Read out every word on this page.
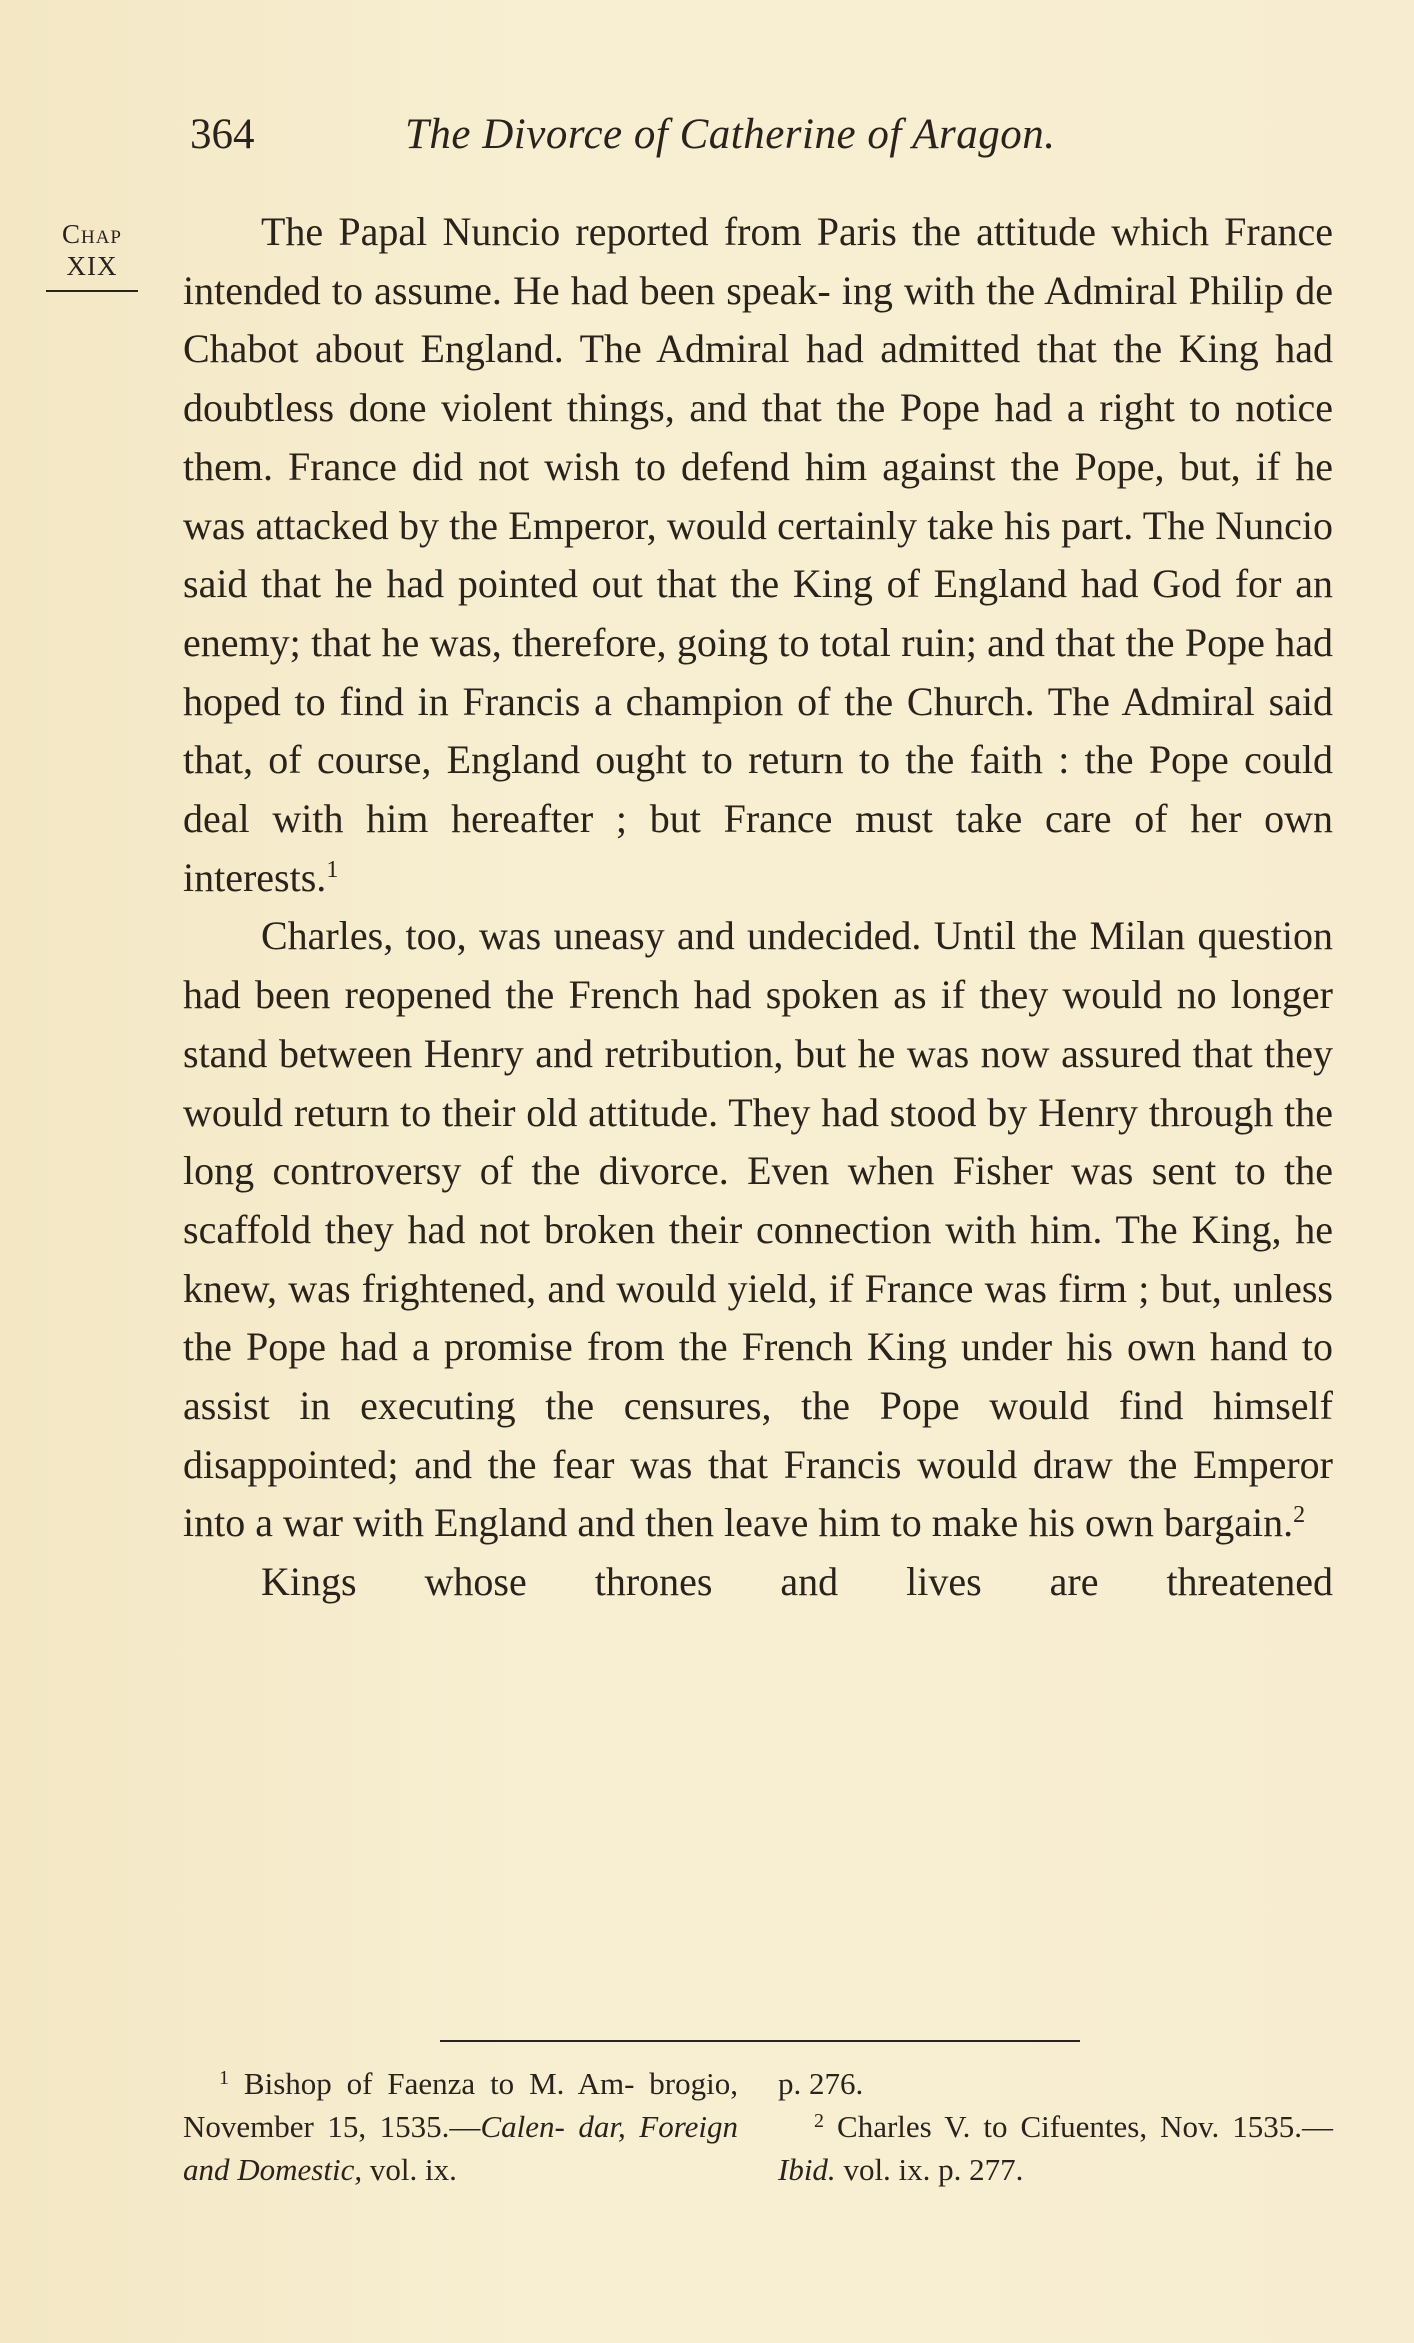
364	The Divorce of Catherine of Aragon.
Chap
XIX

The Papal Nuncio reported from Paris the attitude which France intended to assume. He had been speak- ing with the Admiral Philip de Chabot about England. The Admiral had admitted that the King had doubtless done violent things, and that the Pope had a right to notice them. France did not wish to defend him against the Pope, but, if he was attacked by the Emperor, would certainly take his part. The Nuncio said that he had pointed out that the King of England had God for an enemy; that he was, therefore, going to total ruin; and that the Pope had hoped to find in Francis a champion of the Church. The Admiral said that, of course, England ought to return to the faith : the Pope could deal with him hereafter ; but France must take care of her own interests.$^1$

Charles, too, was uneasy and undecided. Until the Milan question had been reopened the French had spoken as if they would no longer stand between Henry and retribution, but he was now assured that they would return to their old attitude. They had stood by Henry through the long controversy of the divorce. Even when Fisher was sent to the scaffold they had not broken their connection with him. The King, he knew, was frightened, and would yield, if France was firm ; but, unless the Pope had a promise from the French King under his own hand to assist in executing the censures, the Pope would find himself disappointed; and the fear was that Francis would draw the Emperor into a war with England and then leave him to make his own bargain.$^2$

Kings whose thrones and lives are threatened

$^1$ Bishop of Faenza to M. Am- brogio, November 15, 1535.—Calen- dar, Foreign and Domestic, vol. ix.

p. 276.
$^2$ Charles V. to Cifuentes, Nov. 1535.—Ibid. vol. ix. p. 277.
